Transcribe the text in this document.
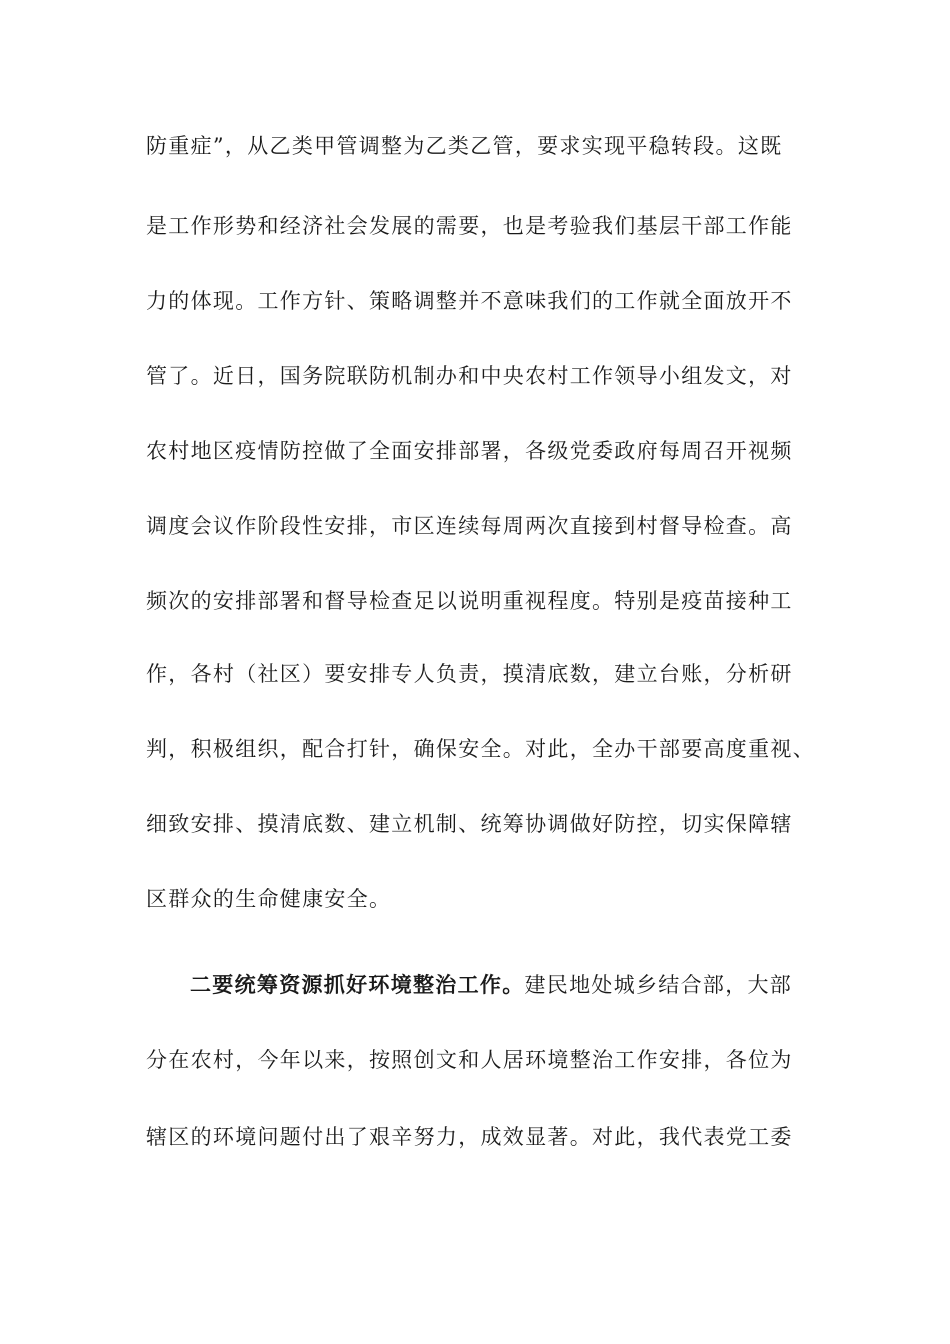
防重症”，从乙类甲管调整为乙类乙管，要求实现平稳转段。这既
是工作形势和经济社会发展的需要，也是考验我们基层干部工作能
力的体现。工作方针、策略调整并不意味我们的工作就全面放开不
管了。近日，国务院联防机制办和中央农村工作领导小组发文，对
农村地区疫情防控做了全面安排部署，各级党委政府每周召开视频
调度会议作阶段性安排，市区连续每周两次直接到村督导检查。高
频次的安排部署和督导检查足以说明重视程度。特别是疫苗接种工
作，各村（社区）要安排专人负责，摸清底数，建立台账，分析研
判，积极组织，配合打针，确保安全。对此，全办干部要高度重视、
细致安排、摸清底数、建立机制、统筹协调做好防控，切实保障辖
区群众的生命健康安全。
二要统筹资源抓好环境整治工作。建民地处城乡结合部，大部
分在农村，今年以来，按照创文和人居环境整治工作安排，各位为
辖区的环境问题付出了艰辛努力，成效显著。对此，我代表党工委
